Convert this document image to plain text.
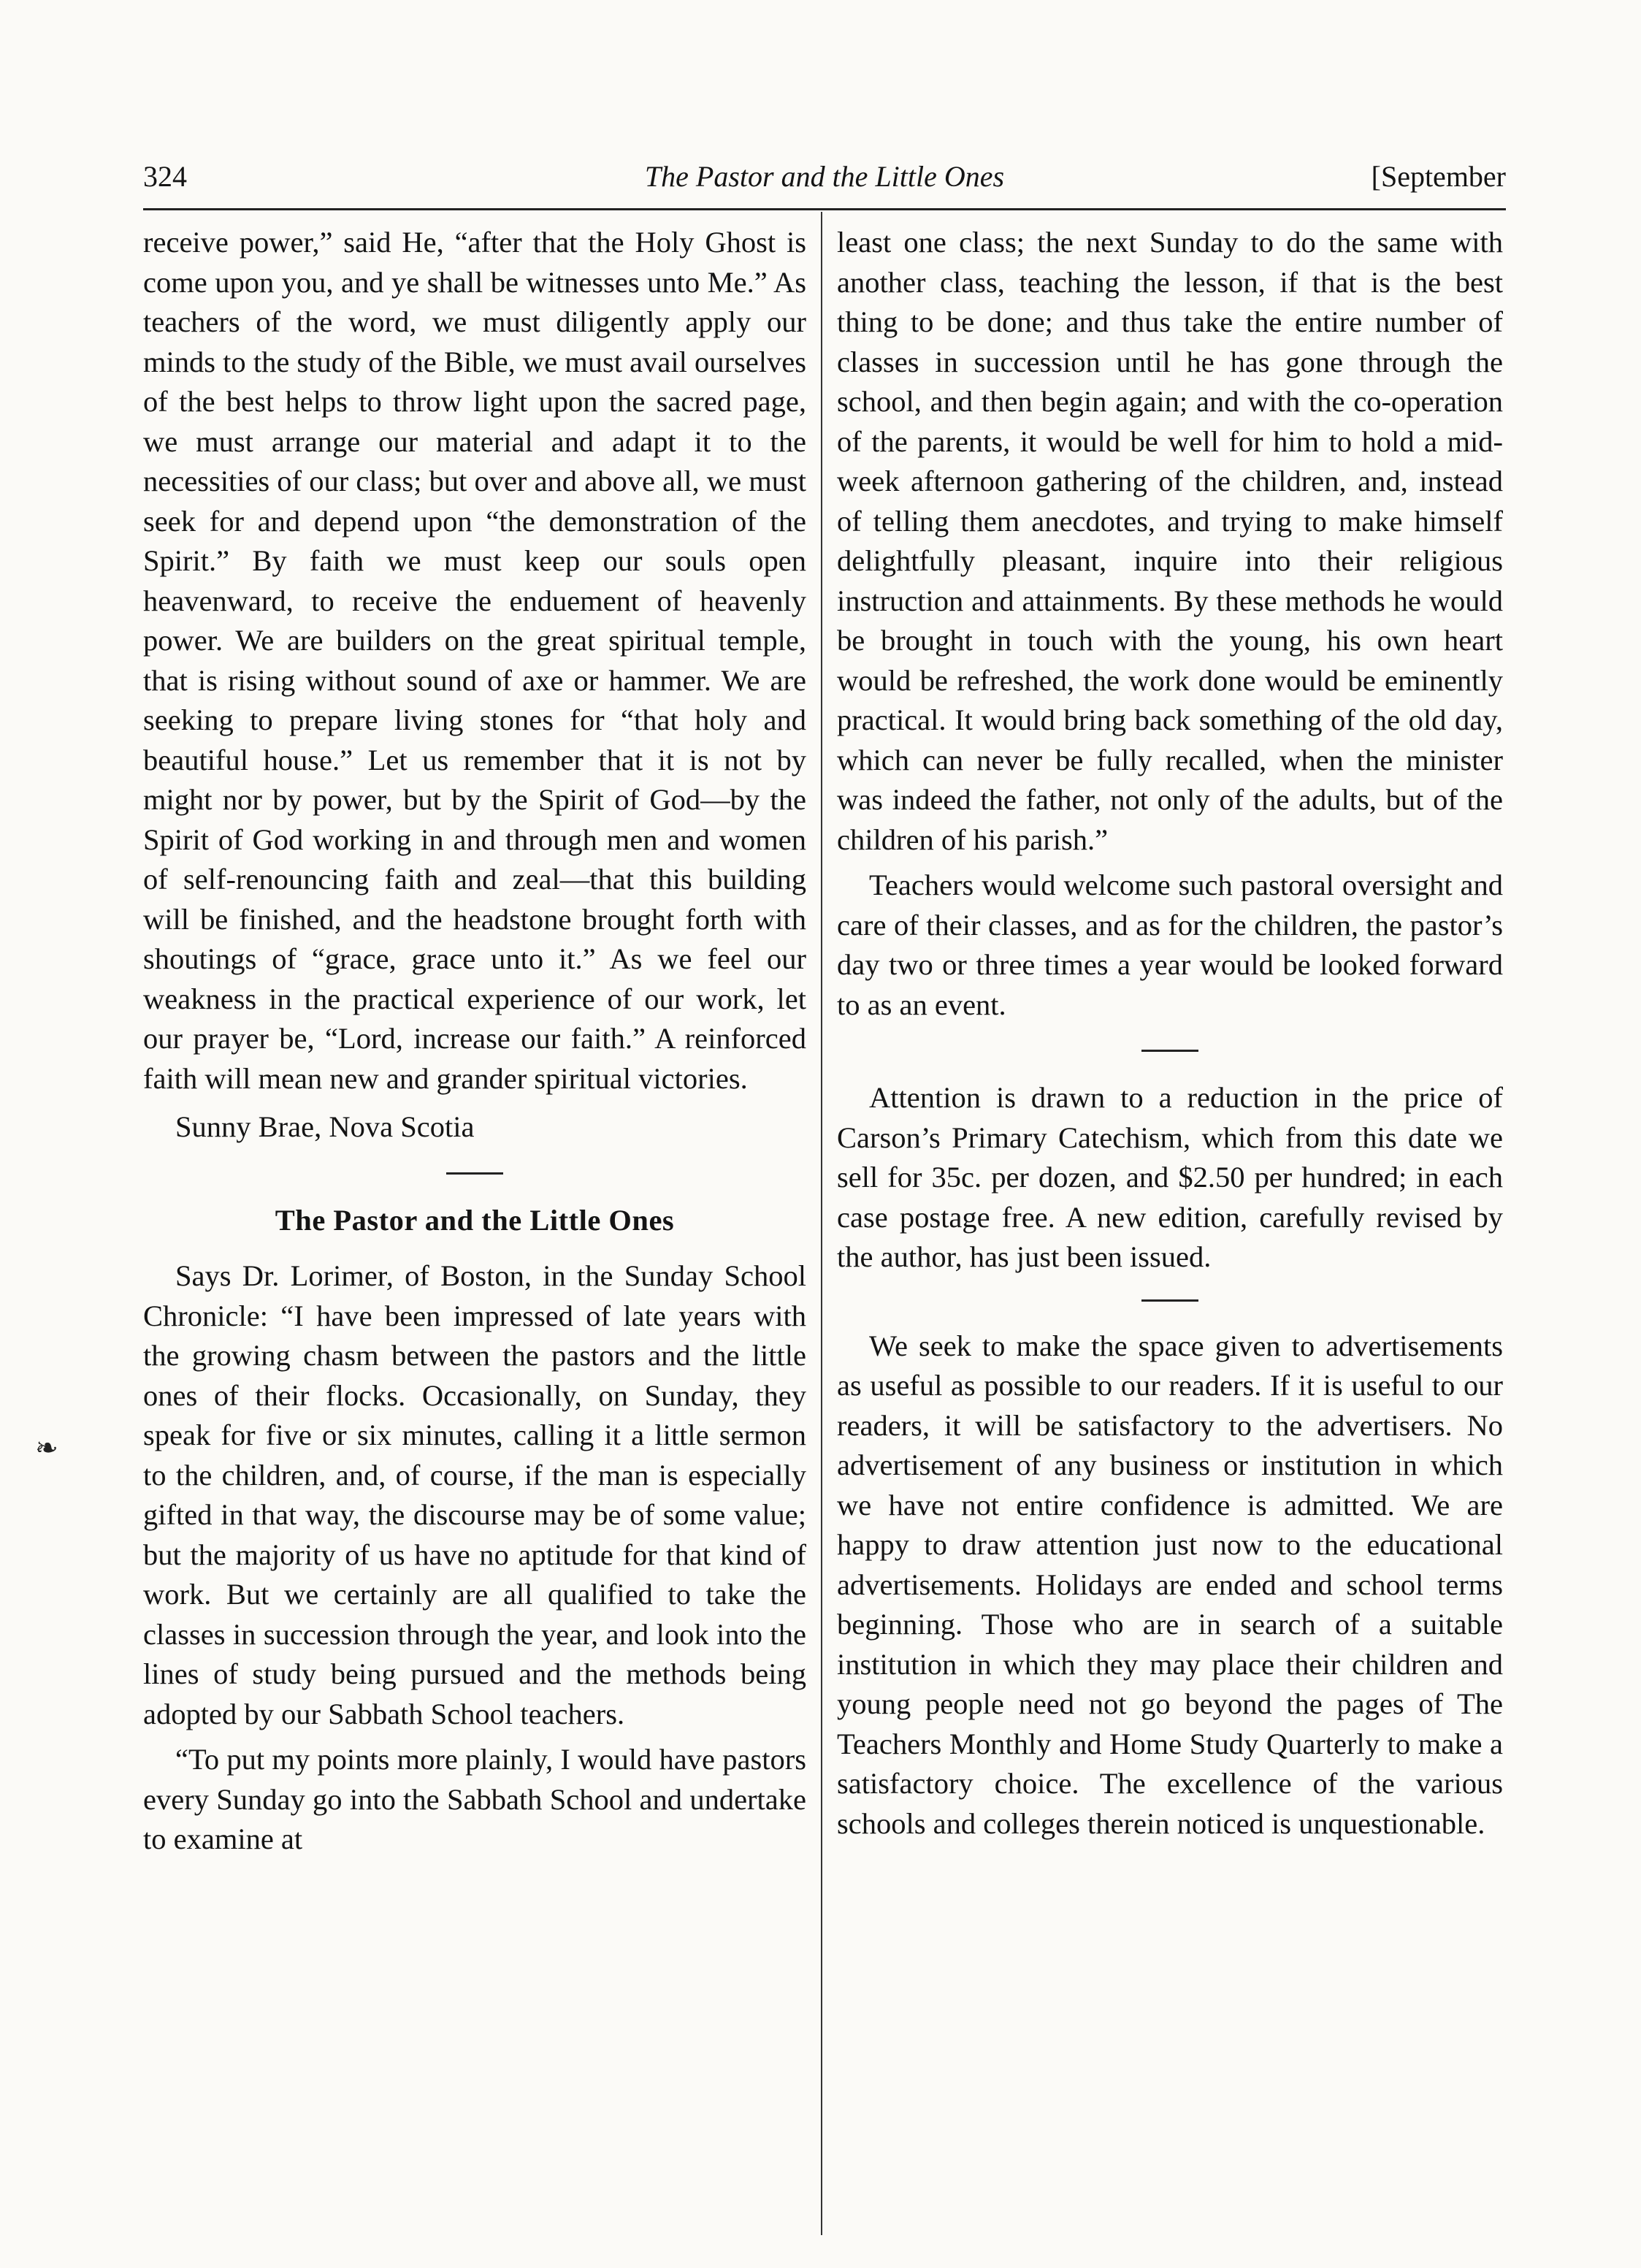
324	The Pastor and the Little Ones	[September

receive power,” said He, “after that the Holy Ghost is come upon you, and ye shall be witnesses unto Me.” As teachers of the word, we must diligently apply our minds to the study of the Bible, we must avail ourselves of the best helps to throw light upon the sacred page, we must arrange our material and adapt it to the necessities of our class; but over and above all, we must seek for and depend upon “the demonstration of the Spirit.” By faith we must keep our souls open heavenward, to receive the enduement of heavenly power. We are builders on the great spiritual temple, that is rising without sound of axe or hammer. We are seeking to prepare living stones for “that holy and beautiful house.” Let us remember that it is not by might nor by power, but by the Spirit of God—by the Spirit of God working in and through men and women of self-renouncing faith and zeal—that this building will be finished, and the headstone brought forth with shoutings of “grace, grace unto it.” As we feel our weakness in the practical experience of our work, let our prayer be, “Lord, increase our faith.” A reinforced faith will mean new and grander spiritual victories.

Sunny Brae, Nova Scotia
The Pastor and the Little Ones

Says Dr. Lorimer, of Boston, in the Sunday School Chronicle: “I have been impressed of late years with the growing chasm between the pastors and the little ones of their flocks. Occasionally, on Sunday, they speak for five or six minutes, calling it a little sermon to the children, and, of course, if the man is especially gifted in that way, the discourse may be of some value; but the majority of us have no aptitude for that kind of work. But we certainly are all qualified to take the classes in succession through the year, and look into the lines of study being pursued and the methods being adopted by our Sabbath School teachers.

“To put my points more plainly, I would have pastors every Sunday go into the Sabbath School and undertake to examine at

least one class; the next Sunday to do the same with another class, teaching the lesson, if that is the best thing to be done; and thus take the entire number of classes in succession until he has gone through the school, and then begin again; and with the co-operation of the parents, it would be well for him to hold a mid-week afternoon gathering of the children, and, instead of telling them anecdotes, and trying to make himself delightfully pleasant, inquire into their religious instruction and attainments. By these methods he would be brought in touch with the young, his own heart would be refreshed, the work done would be eminently practical. It would bring back something of the old day, which can never be fully recalled, when the minister was indeed the father, not only of the adults, but of the children of his parish.”

Teachers would welcome such pastoral oversight and care of their classes, and as for the children, the pastor’s day two or three times a year would be looked forward to as an event.

Attention is drawn to a reduction in the price of Carson’s Primary Catechism, which from this date we sell for 35c. per dozen, and $2.50 per hundred; in each case postage free. A new edition, carefully revised by the author, has just been issued.

We seek to make the space given to advertisements as useful as possible to our readers. If it is useful to our readers, it will be satisfactory to the advertisers. No advertisement of any business or institution in which we have not entire confidence is admitted. We are happy to draw attention just now to the educational advertisements. Holidays are ended and school terms beginning. Those who are in search of a suitable institution in which they may place their children and young people need not go beyond the pages of The Teachers Monthly and Home Study Quarterly to make a satisfactory choice. The excellence of the various schools and colleges therein noticed is unquestionable.

❧
